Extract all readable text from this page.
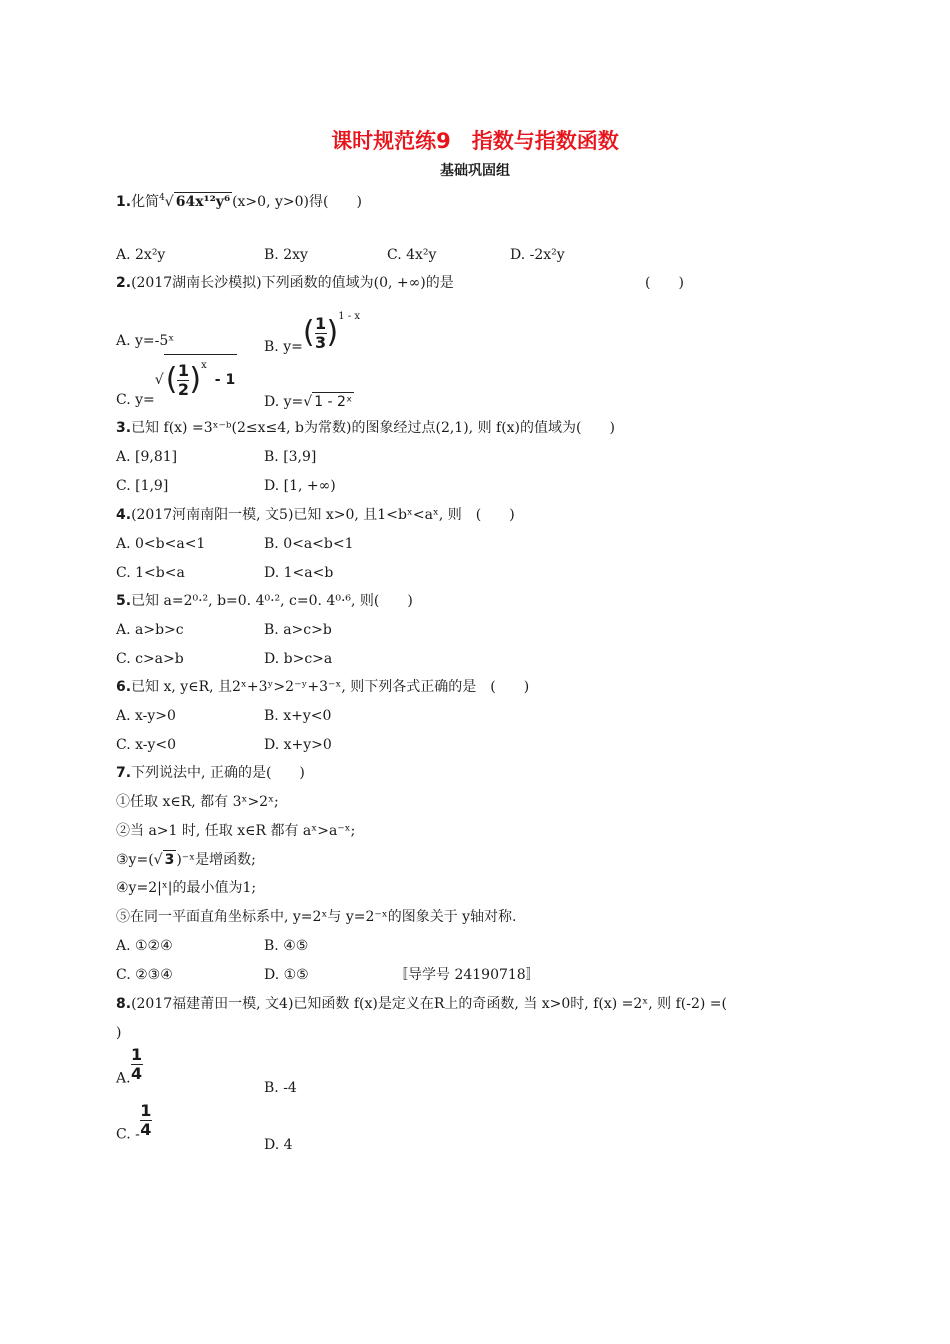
课时规范练9　指数与指数函数
基础巩固组
1.化简$^4$√ 64x¹²y⁶ (x>0, y>0)得(　　)
A. 2x²y	B. 2xy	C. 4x²y	D. -2x²y
2.(2017湖南长沙模拟)下列函数的值域为(0, +∞)的是	(　　)
A. y=-5ˣ	B. $y=( \frac{1}{3} )^{1 - x}$
C. $y=√( \frac{1}{2} )^x-$ 1
D. y=√ 1 - 2ˣ
3.已知 f(x) =3ˣ⁻ᵇ(2≤x≤4, b为常数)的图象经过点(2,1), 则 f(x)的值域为(　　)
A. [9,81]	B. [3,9]
C. [1,9]	D. [1, +∞)
4.(2017河南南阳一模, 文5)已知 x>0, 且1<bˣ<aˣ, 则　(　　)
A. 0<b<a<1	B. 0<a<b<1
C. 1<b<a	D. 1<a<b
5.已知 a=2⁰·², b=0. 4⁰·², c=0. 4⁰·⁶, 则(　　)
A. a>b>c	B. a>c>b
C. c>a>b	D. b>c>a
6.已知 x, y∈R, 且2ˣ+3ʸ>2⁻ʸ+3⁻ˣ, 则下列各式正确的是　(　　)
A. x-y>0	B. x+y<0
C. x-y<0	D. x+y>0
7.下列说法中, 正确的是(　　)
①任取 x∈R, 都有 3ˣ>2ˣ;
②当 a>1 时, 任取 x∈R 都有 aˣ>a⁻ˣ;
③y=(√ 3 )⁻ˣ是增函数;
④y=2|ˣ|的最小值为1;
⑤在同一平面直角坐标系中, y=2ˣ与 y=2⁻ˣ的图象关于 y轴对称.
A. ①②④	B. ④⑤
C. ②③④	D. ①⑤	〚导学号 24190718〛
8.(2017福建莆田一模, 文4)已知函数 f(x)是定义在R上的奇函数, 当 x>0时, f(x) =2ˣ, 则 f(-2) =(
)
A. $\frac{1}{4}$
B. -4
C. - $\frac{1}{4}$
D. 4
